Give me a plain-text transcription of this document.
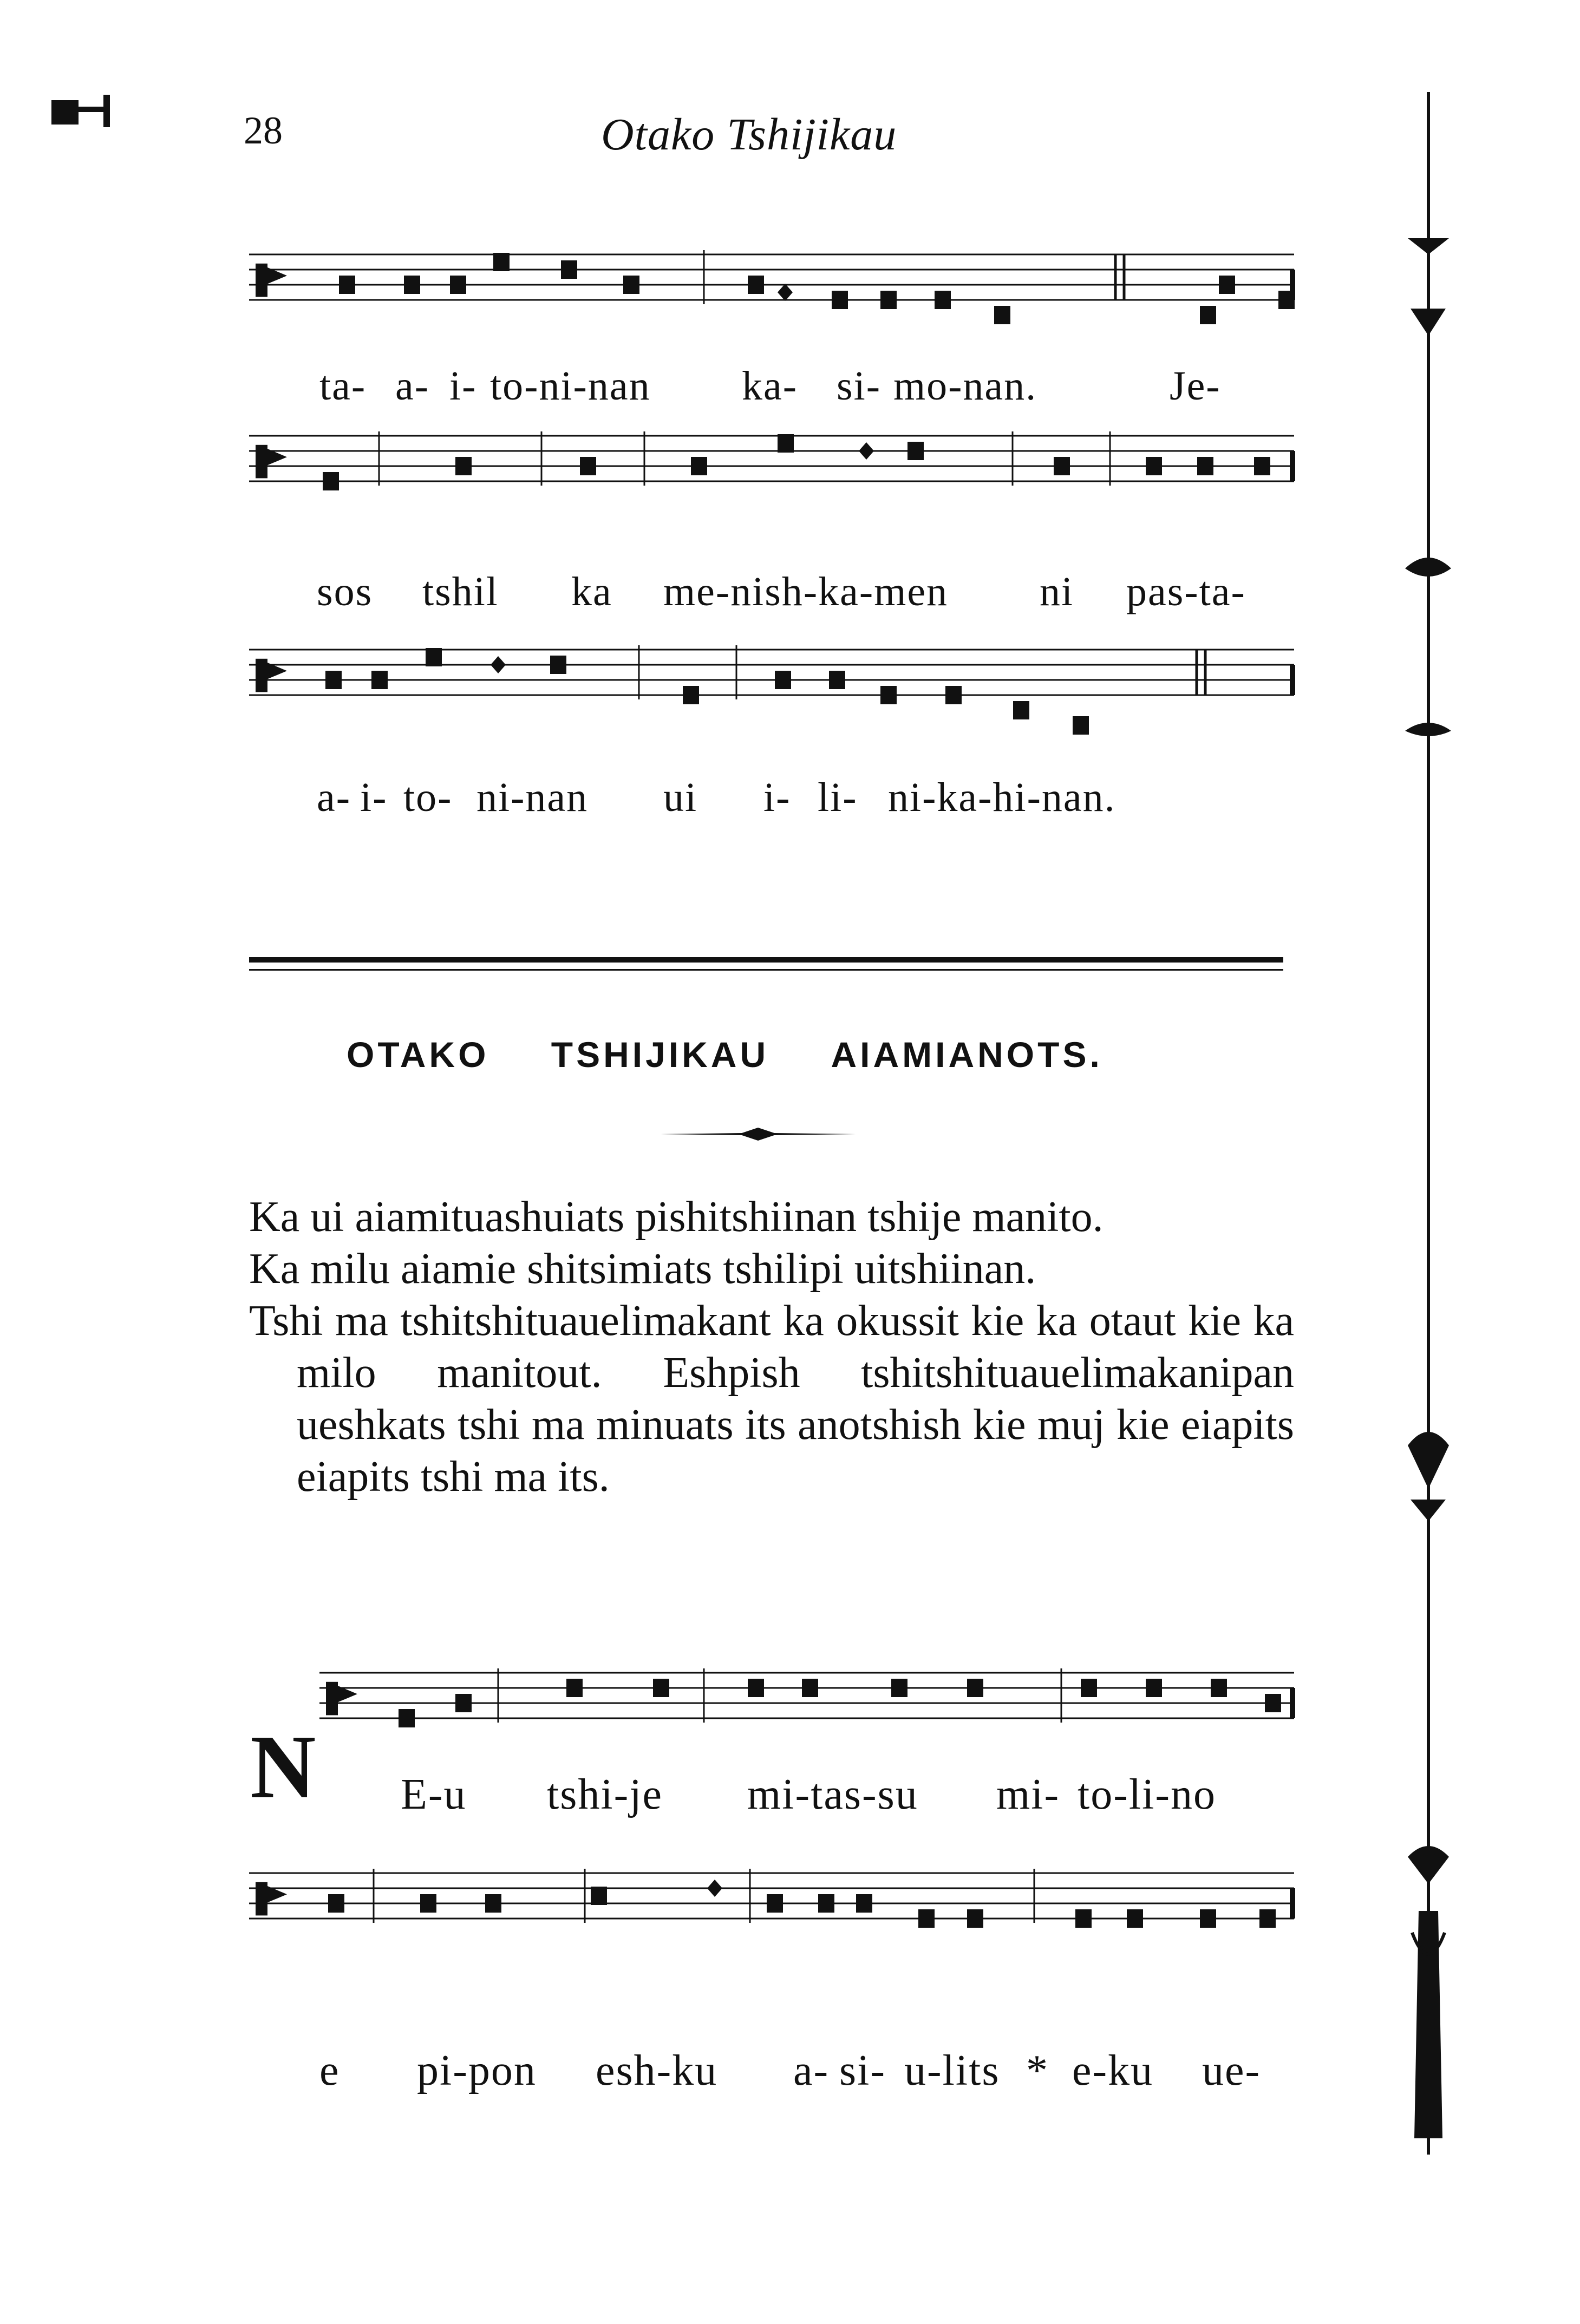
28	Otako Tshijikau
ta- a- i- to-ni-nan ka- si- mo-nan.	Je-
sos tshil ka me-nish-ka-men ni pas-ta-
a- i- to- ni-nan ui i- li- ni-ka-hi-nan.
OTAKO TSHIJIKAU AIAMIANOTS.

Ka ui aiamituashuiats pishitshiinan tshije manito.

Ka milu aiamie shitsimiats tshilipi uitshiinan.

Tshi ma tshitshituauelimakant ka okussit kie ka otaut kie ka milo manitout. Eshpish tshitshituauelimakanipan ueshkats tshi ma minuats its anotshish kie muj kie eiapits eiapits tshi ma its.

N E-u tshi-je mi-tas-su mi- to-li-no
e pi-pon esh-ku a- si- u-lits * e-ku ue-
